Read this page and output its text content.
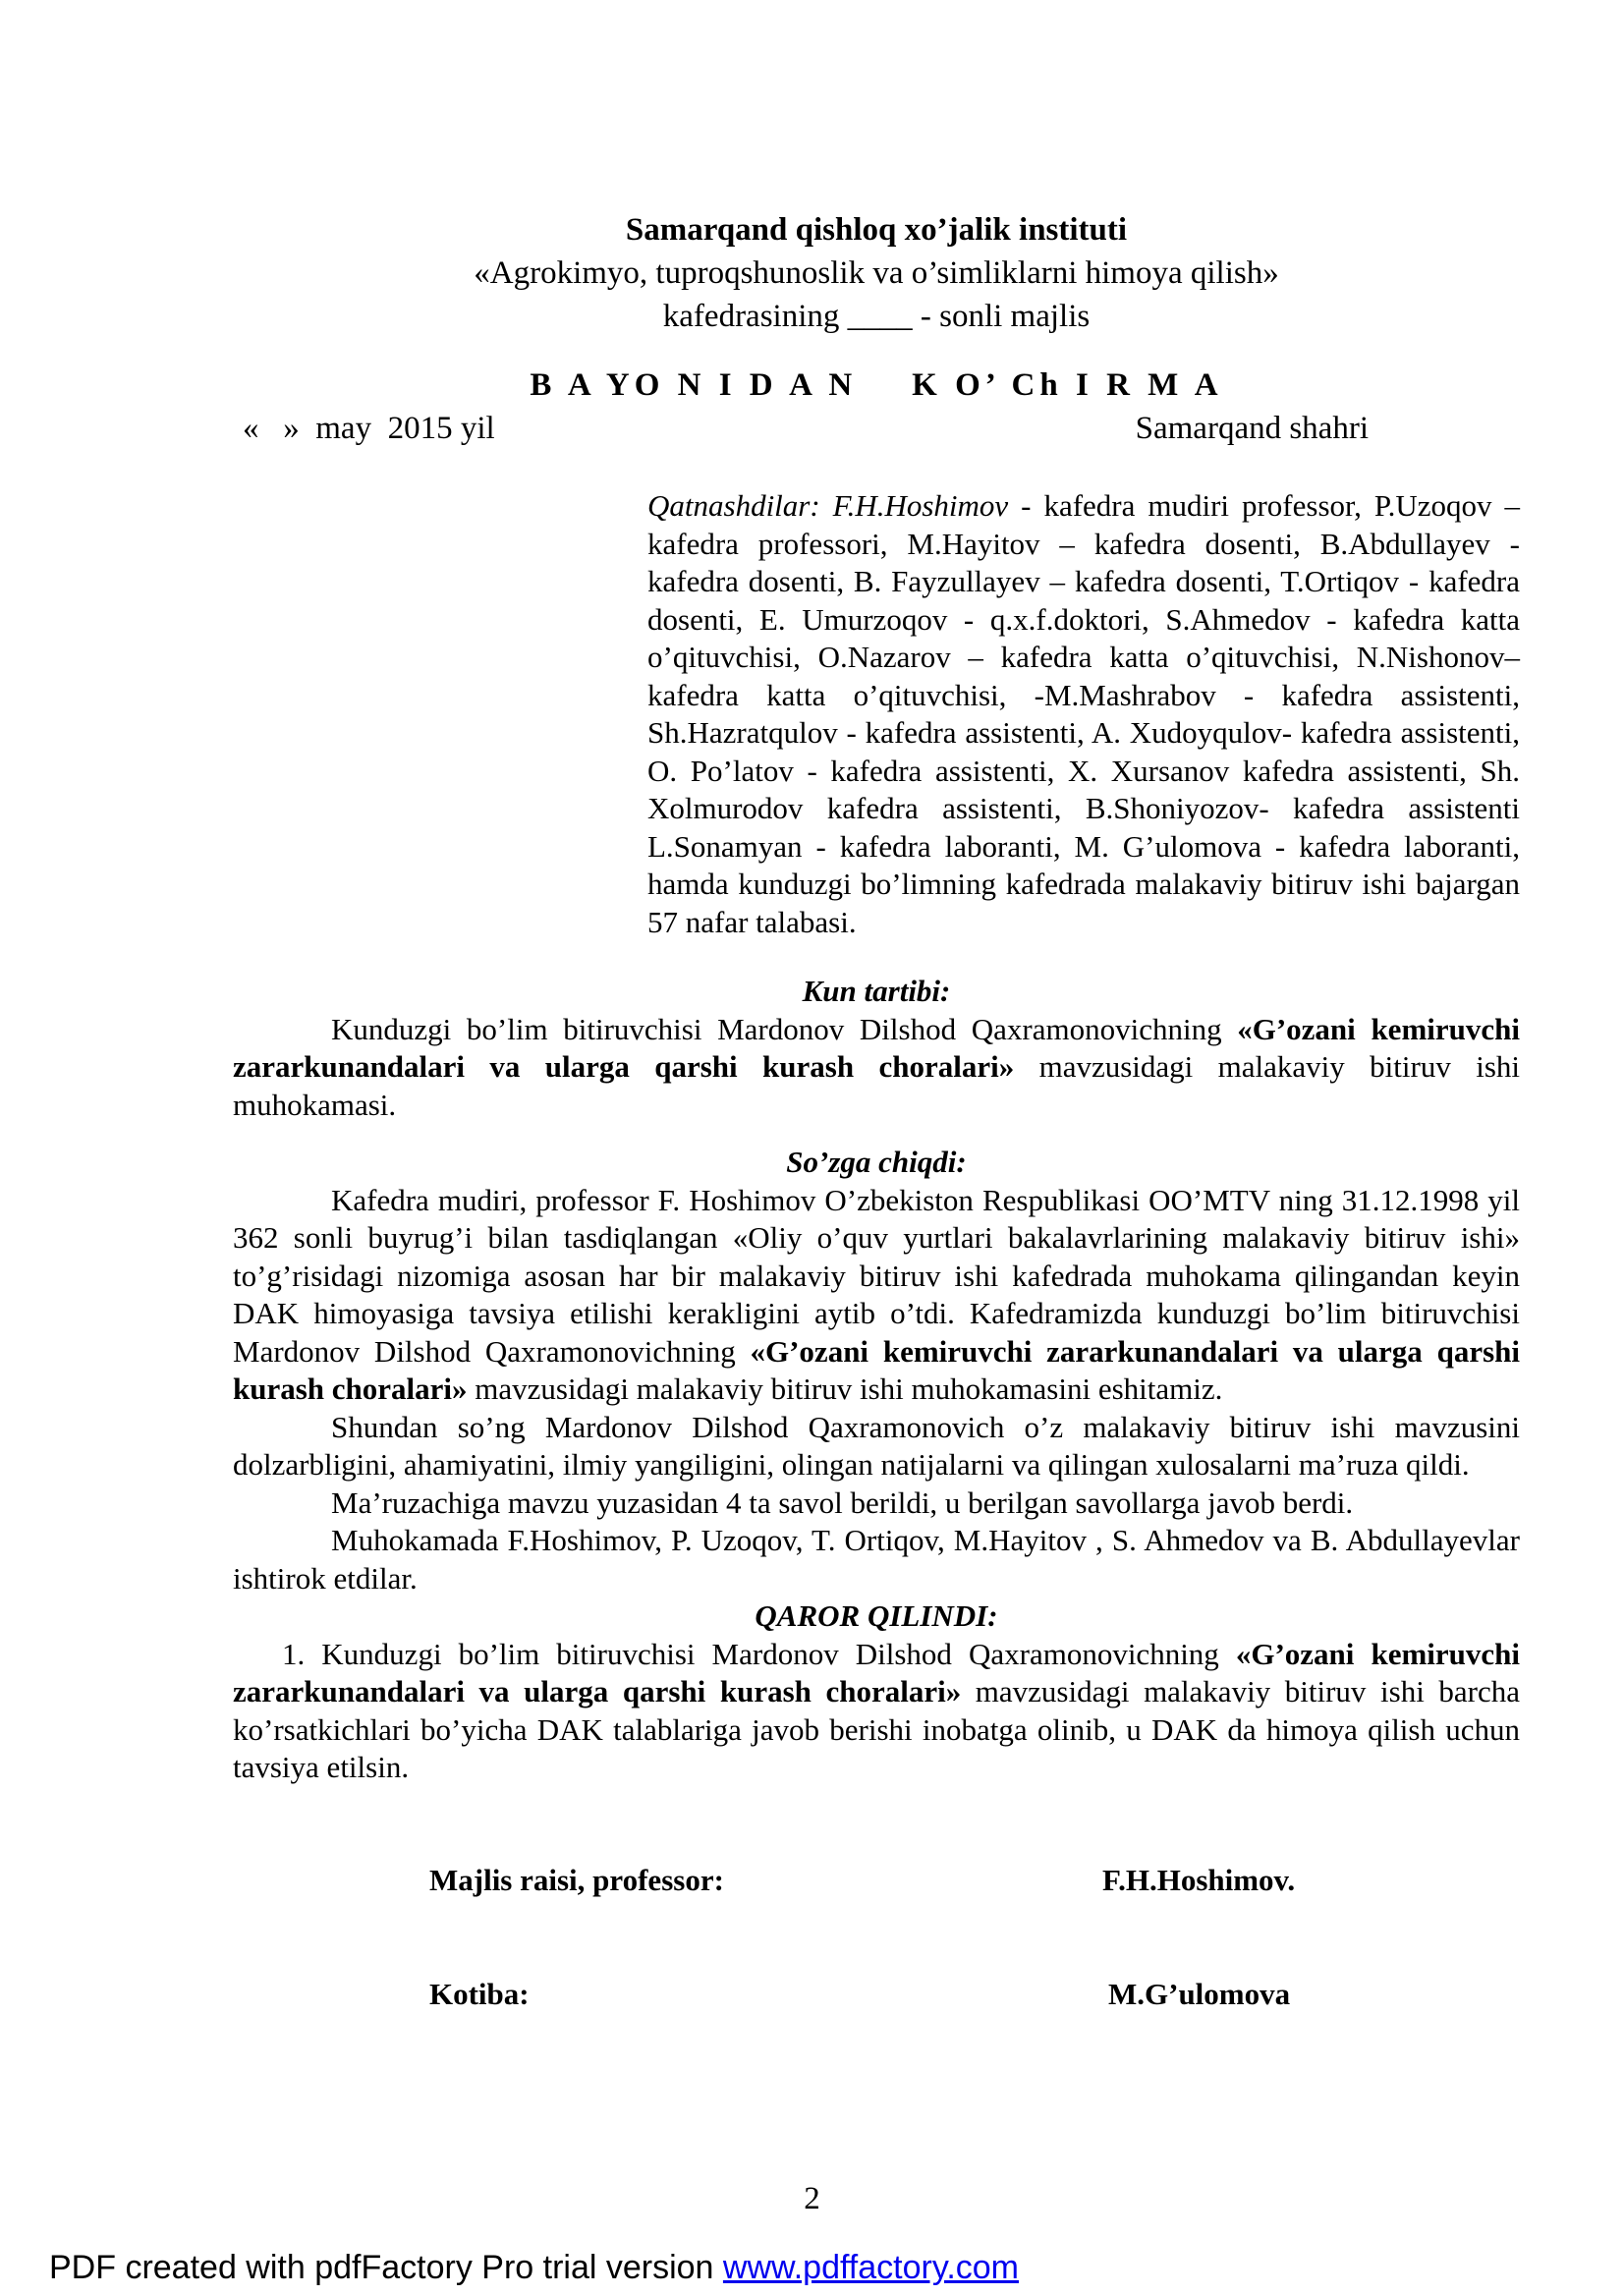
Samarqand qishloq xo’jalik instituti
«Agrokimyo, tuproqshunoslik va o’simliklarni himoya qilish»
kafedrasining ____ - sonli majlis
B A YO N I D A N K O’ Ch I R M A
«   »  may  2015 yil	Samarqand shahri
Qatnashdilar: F.H.Hoshimov - kafedra mudiri professor, P.Uzoqov – kafedra professori, M.Hayitov – kafedra dosenti, B.Abdullayev - kafedra dosenti, B. Fayzullayev – kafedra dosenti, T.Ortiqov - kafedra dosenti, E. Umurzoqov - q.x.f.doktori, S.Ahmedov - kafedra katta o’qituvchisi, O.Nazarov – kafedra katta o’qituvchisi, N.Nishonov–kafedra katta o’qituvchisi, -M.Mashrabov - kafedra assistenti, Sh.Hazratqulov - kafedra assistenti, A. Xudoyqulov- kafedra assistenti, O. Po’latov - kafedra assistenti, X. Xursanov kafedra assistenti, Sh. Xolmurodov kafedra assistenti, B.Shoniyozov- kafedra assistenti L.Sonamyan - kafedra laboranti, M. G’ulomova - kafedra laboranti, hamda kunduzgi bo’limning kafedrada malakaviy bitiruv ishi bajargan 57 nafar talabasi.
Kun tartibi:
Kunduzgi bo’lim bitiruvchisi Mardonov Dilshod Qaxramonovichning «G’ozani kemiruvchi zararkunandalari va ularga qarshi kurash choralari» mavzusidagi malakaviy bitiruv ishi muhokamasi.
So’zga chiqdi:
Kafedra mudiri, professor F. Hoshimov O’zbekiston Respublikasi OO’MTV ning 31.12.1998 yil 362 sonli buyrug’i bilan tasdiqlangan «Oliy o’quv yurtlari bakalavrlarining malakaviy bitiruv ishi» to’g’risidagi nizomiga asosan har bir malakaviy bitiruv ishi kafedrada muhokama qilingandan keyin DAK himoyasiga tavsiya etilishi kerakligini aytib o’tdi. Kafedramizda kunduzgi bo’lim bitiruvchisi Mardonov Dilshod Qaxramonovichning «G’ozani kemiruvchi zararkunandalari va ularga qarshi kurash choralari» mavzusidagi malakaviy bitiruv ishi muhokamasini eshitamiz.
Shundan so’ng Mardonov Dilshod Qaxramonovich o’z malakaviy bitiruv ishi mavzusini dolzarbligini, ahamiyatini, ilmiy yangiligini, olingan natijalarni va qilingan xulosalarni ma’ruza qildi.
Ma’ruzachiga mavzu yuzasidan 4 ta savol berildi, u berilgan savollarga javob berdi.
Muhokamada F.Hoshimov, P. Uzoqov, T. Ortiqov, M.Hayitov , S. Ahmedov va B. Abdullayevlar ishtirok etdilar.
QAROR QILINDI:
1. Kunduzgi bo’lim bitiruvchisi Mardonov Dilshod Qaxramonovichning «G’ozani kemiruvchi zararkunandalari va ularga qarshi kurash choralari» mavzusidagi malakaviy bitiruv ishi barcha ko’rsatkichlari bo’yicha DAK talablariga javob berishi inobatga olinib, u DAK da himoya qilish uchun tavsiya etilsin.
Majlis raisi, professor:	F.H.Hoshimov.
Kotiba:	M.G’ulomova
2
PDF created with pdfFactory Pro trial version www.pdffactory.com
